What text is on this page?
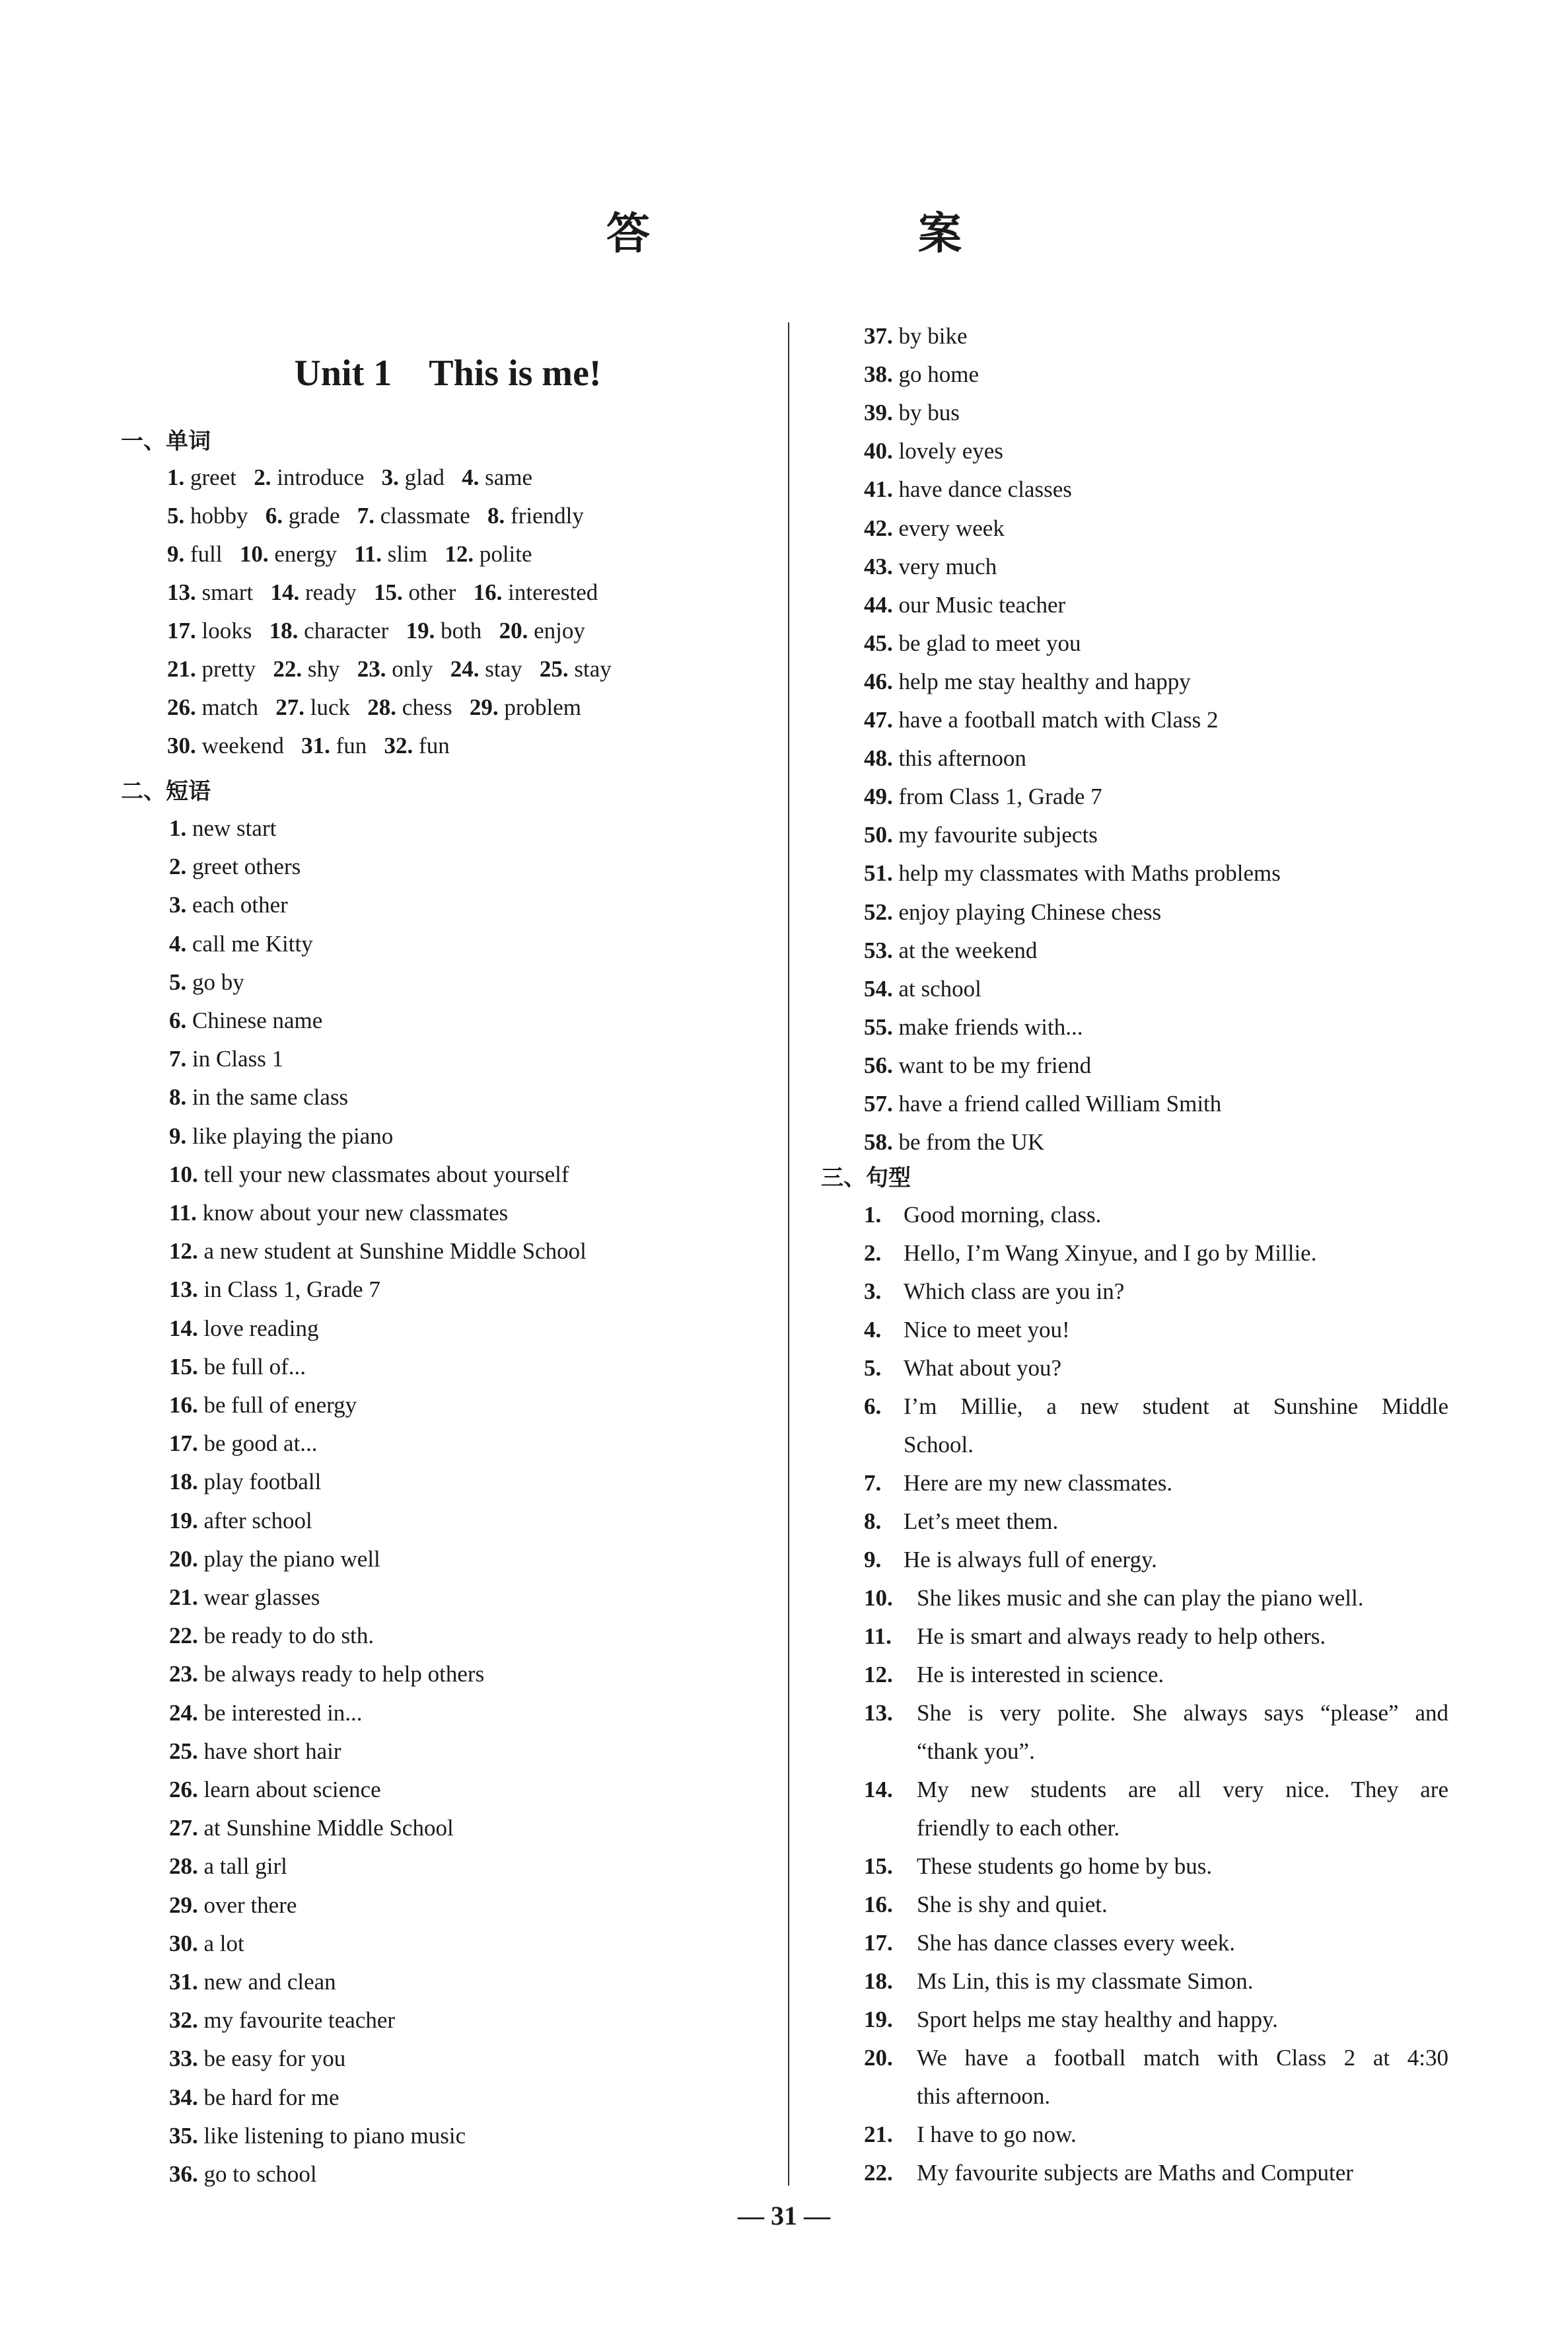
答　案
Unit 1　This is me!
一、单词
1. greet 2. introduce 3. glad 4. same
5. hobby 6. grade 7. classmate 8. friendly
9. full 10. energy 11. slim 12. polite
13. smart 14. ready 15. other 16. interested
17. looks 18. character 19. both 20. enjoy
21. pretty 22. shy 23. only 24. stay 25. stay
26. match 27. luck 28. chess 29. problem
30. weekend 31. fun 32. fun
二、短语
1. new start
2. greet others
3. each other
4. call me Kitty
5. go by
6. Chinese name
7. in Class 1
8. in the same class
9. like playing the piano
10. tell your new classmates about yourself
11. know about your new classmates
12. a new student at Sunshine Middle School
13. in Class 1, Grade 7
14. love reading
15. be full of...
16. be full of energy
17. be good at...
18. play football
19. after school
20. play the piano well
21. wear glasses
22. be ready to do sth.
23. be always ready to help others
24. be interested in...
25. have short hair
26. learn about science
27. at Sunshine Middle School
28. a tall girl
29. over there
30. a lot
31. new and clean
32. my favourite teacher
33. be easy for you
34. be hard for me
35. like listening to piano music
36. go to school
37. by bike
38. go home
39. by bus
40. lovely eyes
41. have dance classes
42. every week
43. very much
44. our Music teacher
45. be glad to meet you
46. help me stay healthy and happy
47. have a football match with Class 2
48. this afternoon
49. from Class 1, Grade 7
50. my favourite subjects
51. help my classmates with Maths problems
52. enjoy playing Chinese chess
53. at the weekend
54. at school
55. make friends with...
56. want to be my friend
57. have a friend called William Smith
58. be from the UK
三、句型
1. Good morning, class.
2. Hello, I’m Wang Xinyue, and I go by Millie.
3. Which class are you in?
4. Nice to meet you!
5. What about you?
6. I’m Millie, a new student at Sunshine Middle
School.
7. Here are my new classmates.
8. Let’s meet them.
9. He is always full of energy.
10. She likes music and she can play the piano well.
11. He is smart and always ready to help others.
12. He is interested in science.
13. She is very polite. She always says “please” and
“thank you”.
14. My new students are all very nice. They are
friendly to each other.
15. These students go home by bus.
16. She is shy and quiet.
17. She has dance classes every week.
18. Ms Lin, this is my classmate Simon.
19. Sport helps me stay healthy and happy.
20. We have a football match with Class 2 at 4:30
this afternoon.
21. I have to go now.
22. My favourite subjects are Maths and Computer
— 31 —
